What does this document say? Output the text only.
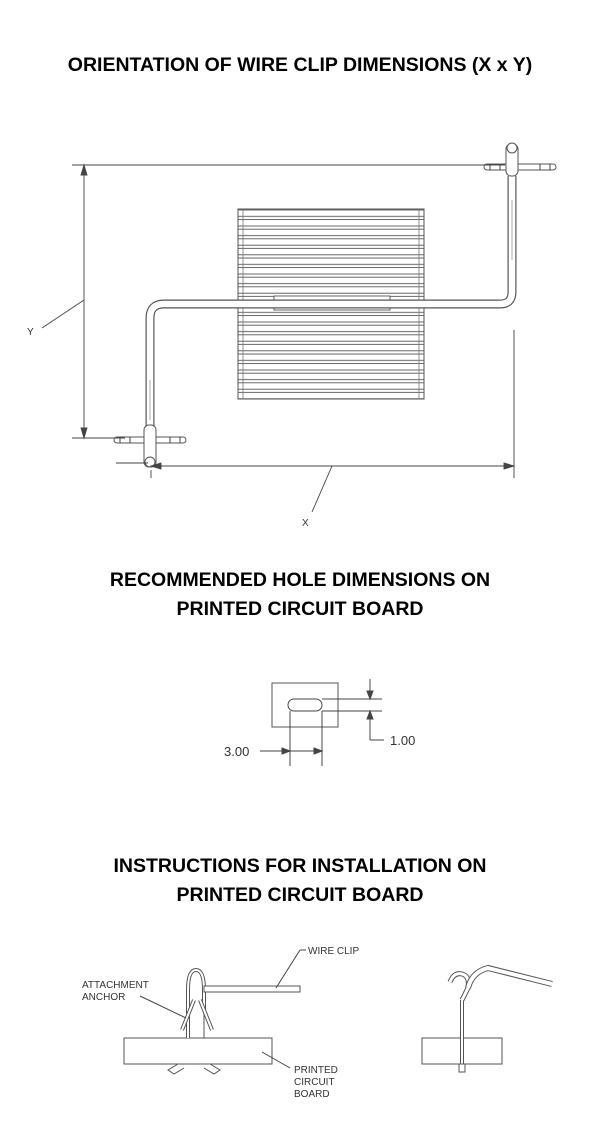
ORIENTATION OF WIRE CLIP DIMENSIONS (X x Y)
RECOMMENDED HOLE DIMENSIONS ON
PRINTED CIRCUIT BOARD
INSTRUCTIONS FOR INSTALLATION ON
PRINTED CIRCUIT BOARD
Y
X
3.00
1.00
WIRE CLIP
ATTACHMENT
ANCHOR
PRINTED
CIRCUIT
BOARD
